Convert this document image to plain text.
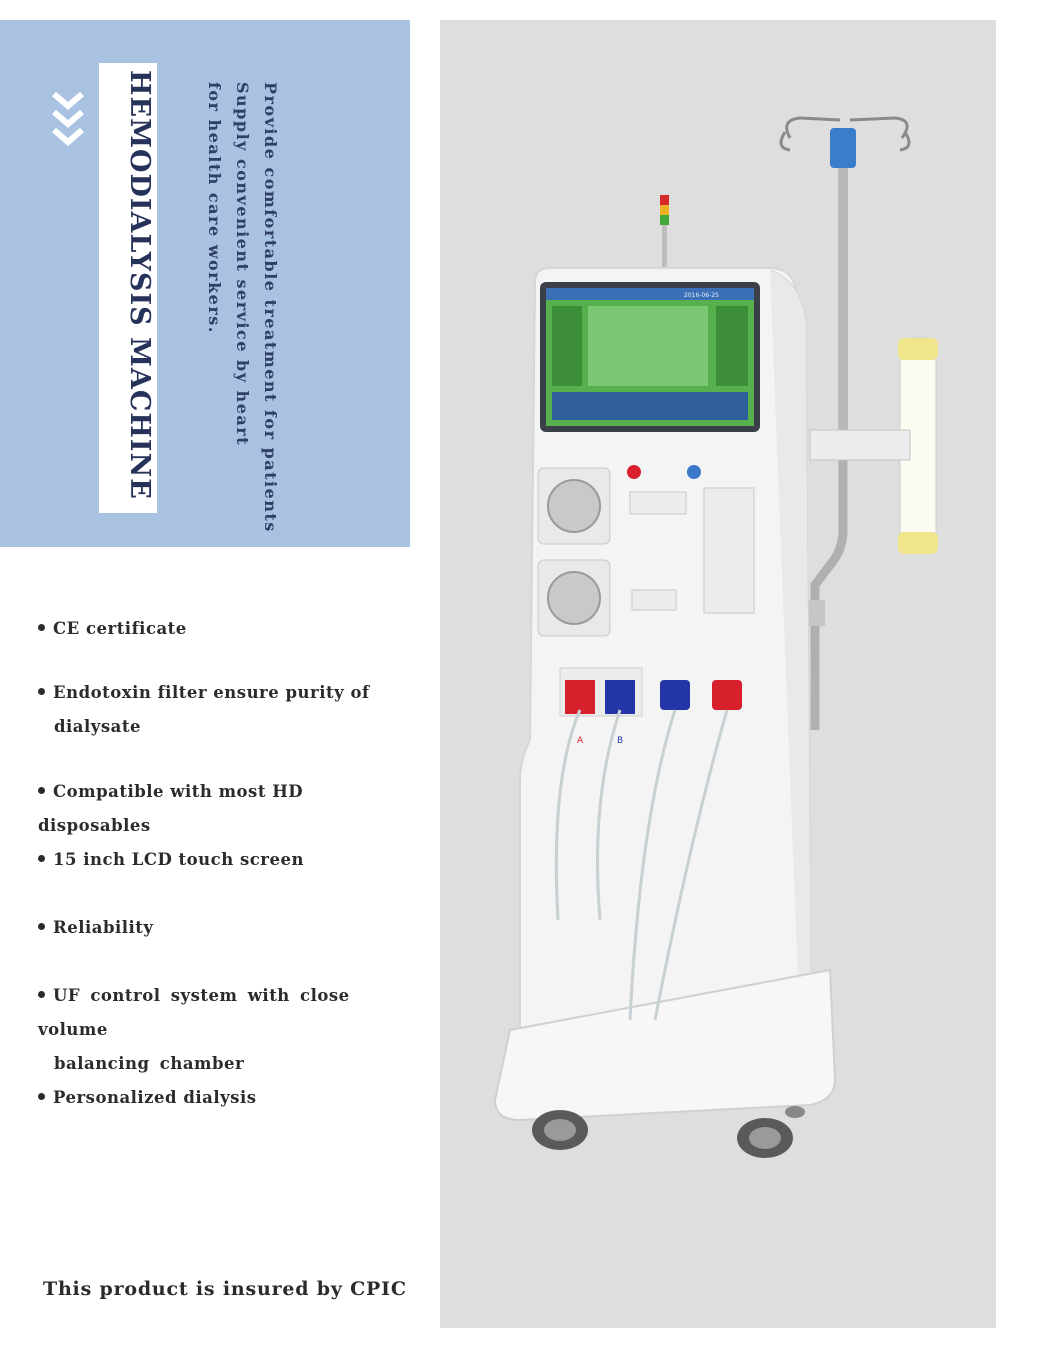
HEMODIALYSIS MACHINE	Provide comfortable treatment for patients
Supply convenient service by heart
for health care workers.
CE certificate
Endotoxin filter ensure purity of
dialysate
Compatible with most HD disposables
15 inch LCD touch screen
Reliability
UF control system with close volume
balancing chamber
Personalized dialysis
This product is insured by CPIC
2016-06-25
A	B
